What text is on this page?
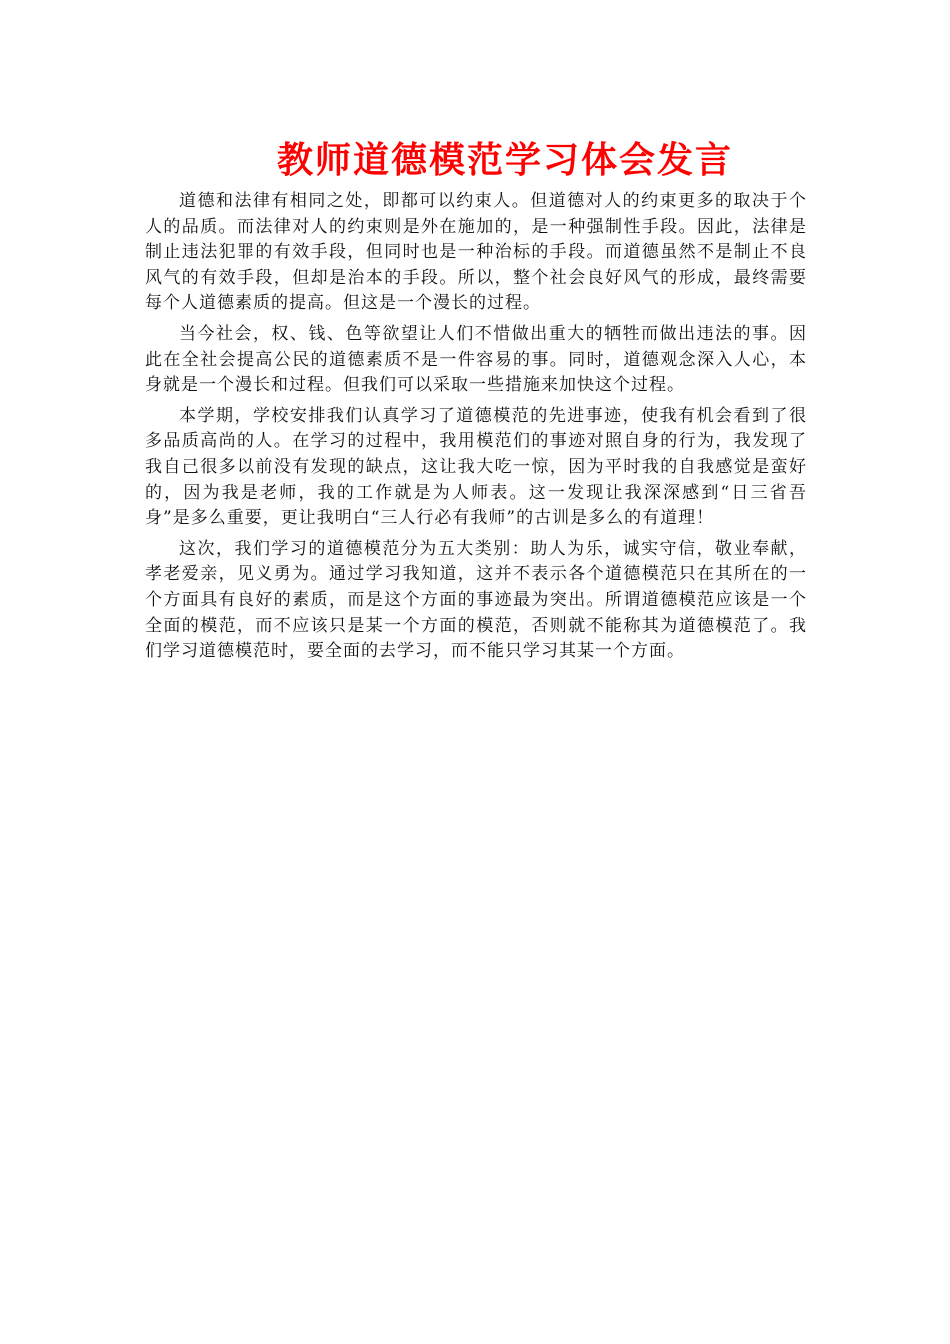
教师道德模范学习体会发言

道德和法律有相同之处，即都可以约束人。但道德对人的约束更多的取决于个人的品质。而法律对人的约束则是外在施加的，是一种强制性手段。因此，法律是制止违法犯罪的有效手段，但同时也是一种治标的手段。而道德虽然不是制止不良风气的有效手段，但却是治本的手段。所以，整个社会良好风气的形成，最终需要每个人道德素质的提高。但这是一个漫长的过程。

当今社会，权、钱、色等欲望让人们不惜做出重大的牺牲而做出违法的事。因此在全社会提高公民的道德素质不是一件容易的事。同时，道德观念深入人心，本身就是一个漫长和过程。但我们可以采取一些措施来加快这个过程。

本学期，学校安排我们认真学习了道德模范的先进事迹，使我有机会看到了很多品质高尚的人。在学习的过程中，我用模范们的事迹对照自身的行为，我发现了我自己很多以前没有发现的缺点，这让我大吃一惊，因为平时我的自我感觉是蛮好的，因为我是老师，我的工作就是为人师表。这一发现让我深深感到“日三省吾身”是多么重要，更让我明白“三人行必有我师”的古训是多么的有道理！

这次，我们学习的道德模范分为五大类别：助人为乐，诚实守信，敬业奉献，孝老爱亲，见义勇为。通过学习我知道，这并不表示各个道德模范只在其所在的一个方面具有良好的素质，而是这个方面的事迹最为突出。所谓道德模范应该是一个全面的模范，而不应该只是某一个方面的模范，否则就不能称其为道德模范了。我们学习道德模范时，要全面的去学习，而不能只学习其某一个方面。
